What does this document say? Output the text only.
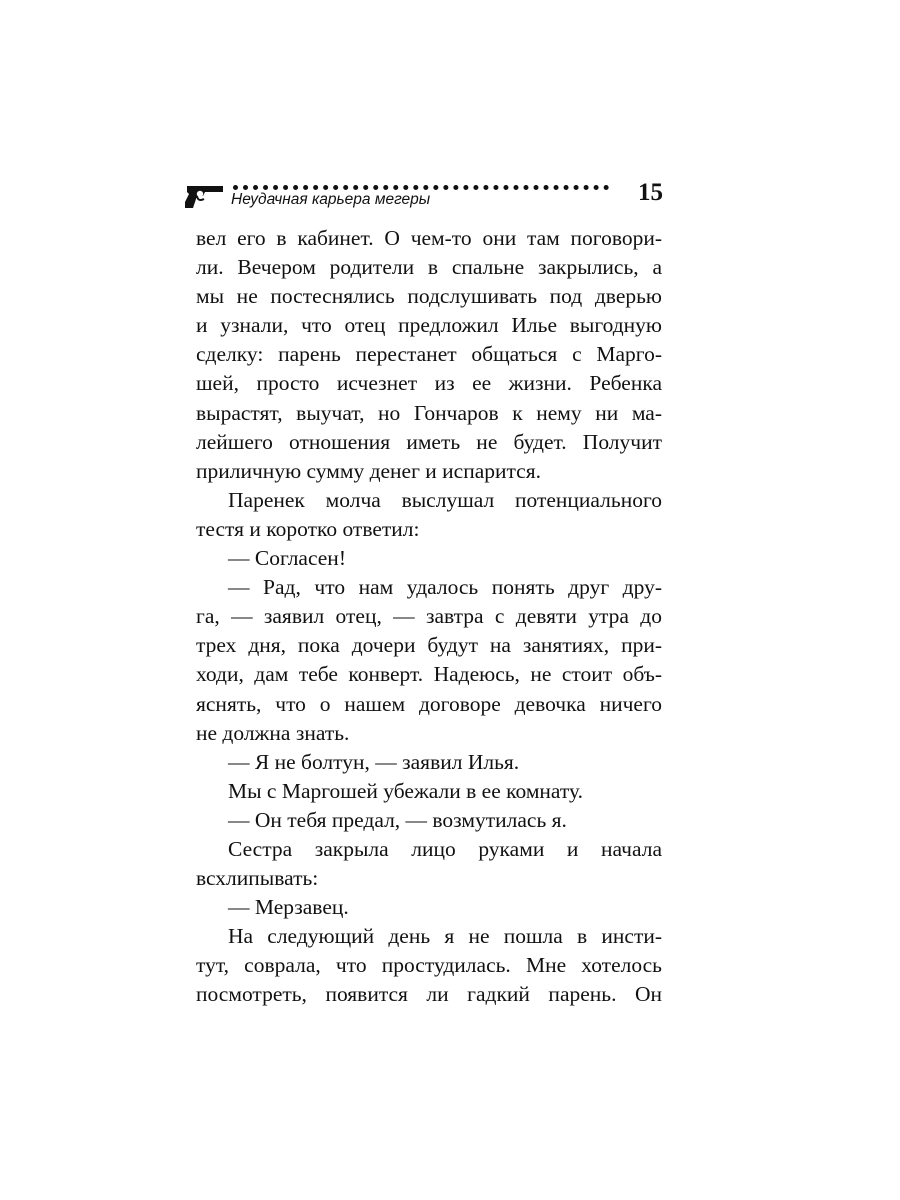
Неудачная карьера мегеры	15
вел его в кабинет. О чем-то они там поговори-
ли. Вечером родители в спальне закрылись, а
мы не постеснялись подслушивать под дверью
и узнали, что отец предложил Илье выгодную
сделку: парень перестанет общаться с Марго-
шей, просто исчезнет из ее жизни. Ребенка
вырастят, выучат, но Гончаров к нему ни ма-
лейшего отношения иметь не будет. Получит
приличную сумму денег и испарится.
Паренек молча выслушал потенциального
тестя и коротко ответил:
— Согласен!
— Рад, что нам удалось понять друг дру-
га, — заявил отец, — завтра с девяти утра до
трех дня, пока дочери будут на занятиях, при-
ходи, дам тебе конверт. Надеюсь, не стоит объ-
яснять, что о нашем договоре девочка ничего
не должна знать.
— Я не болтун, — заявил Илья.
Мы с Маргошей убежали в ее комнату.
— Он тебя предал, — возмутилась я.
Сестра закрыла лицо руками и начала
всхлипывать:
— Мерзавец.
На следующий день я не пошла в инсти-
тут, соврала, что простудилась. Мне хотелось
посмотреть, появится ли гадкий парень. Он
